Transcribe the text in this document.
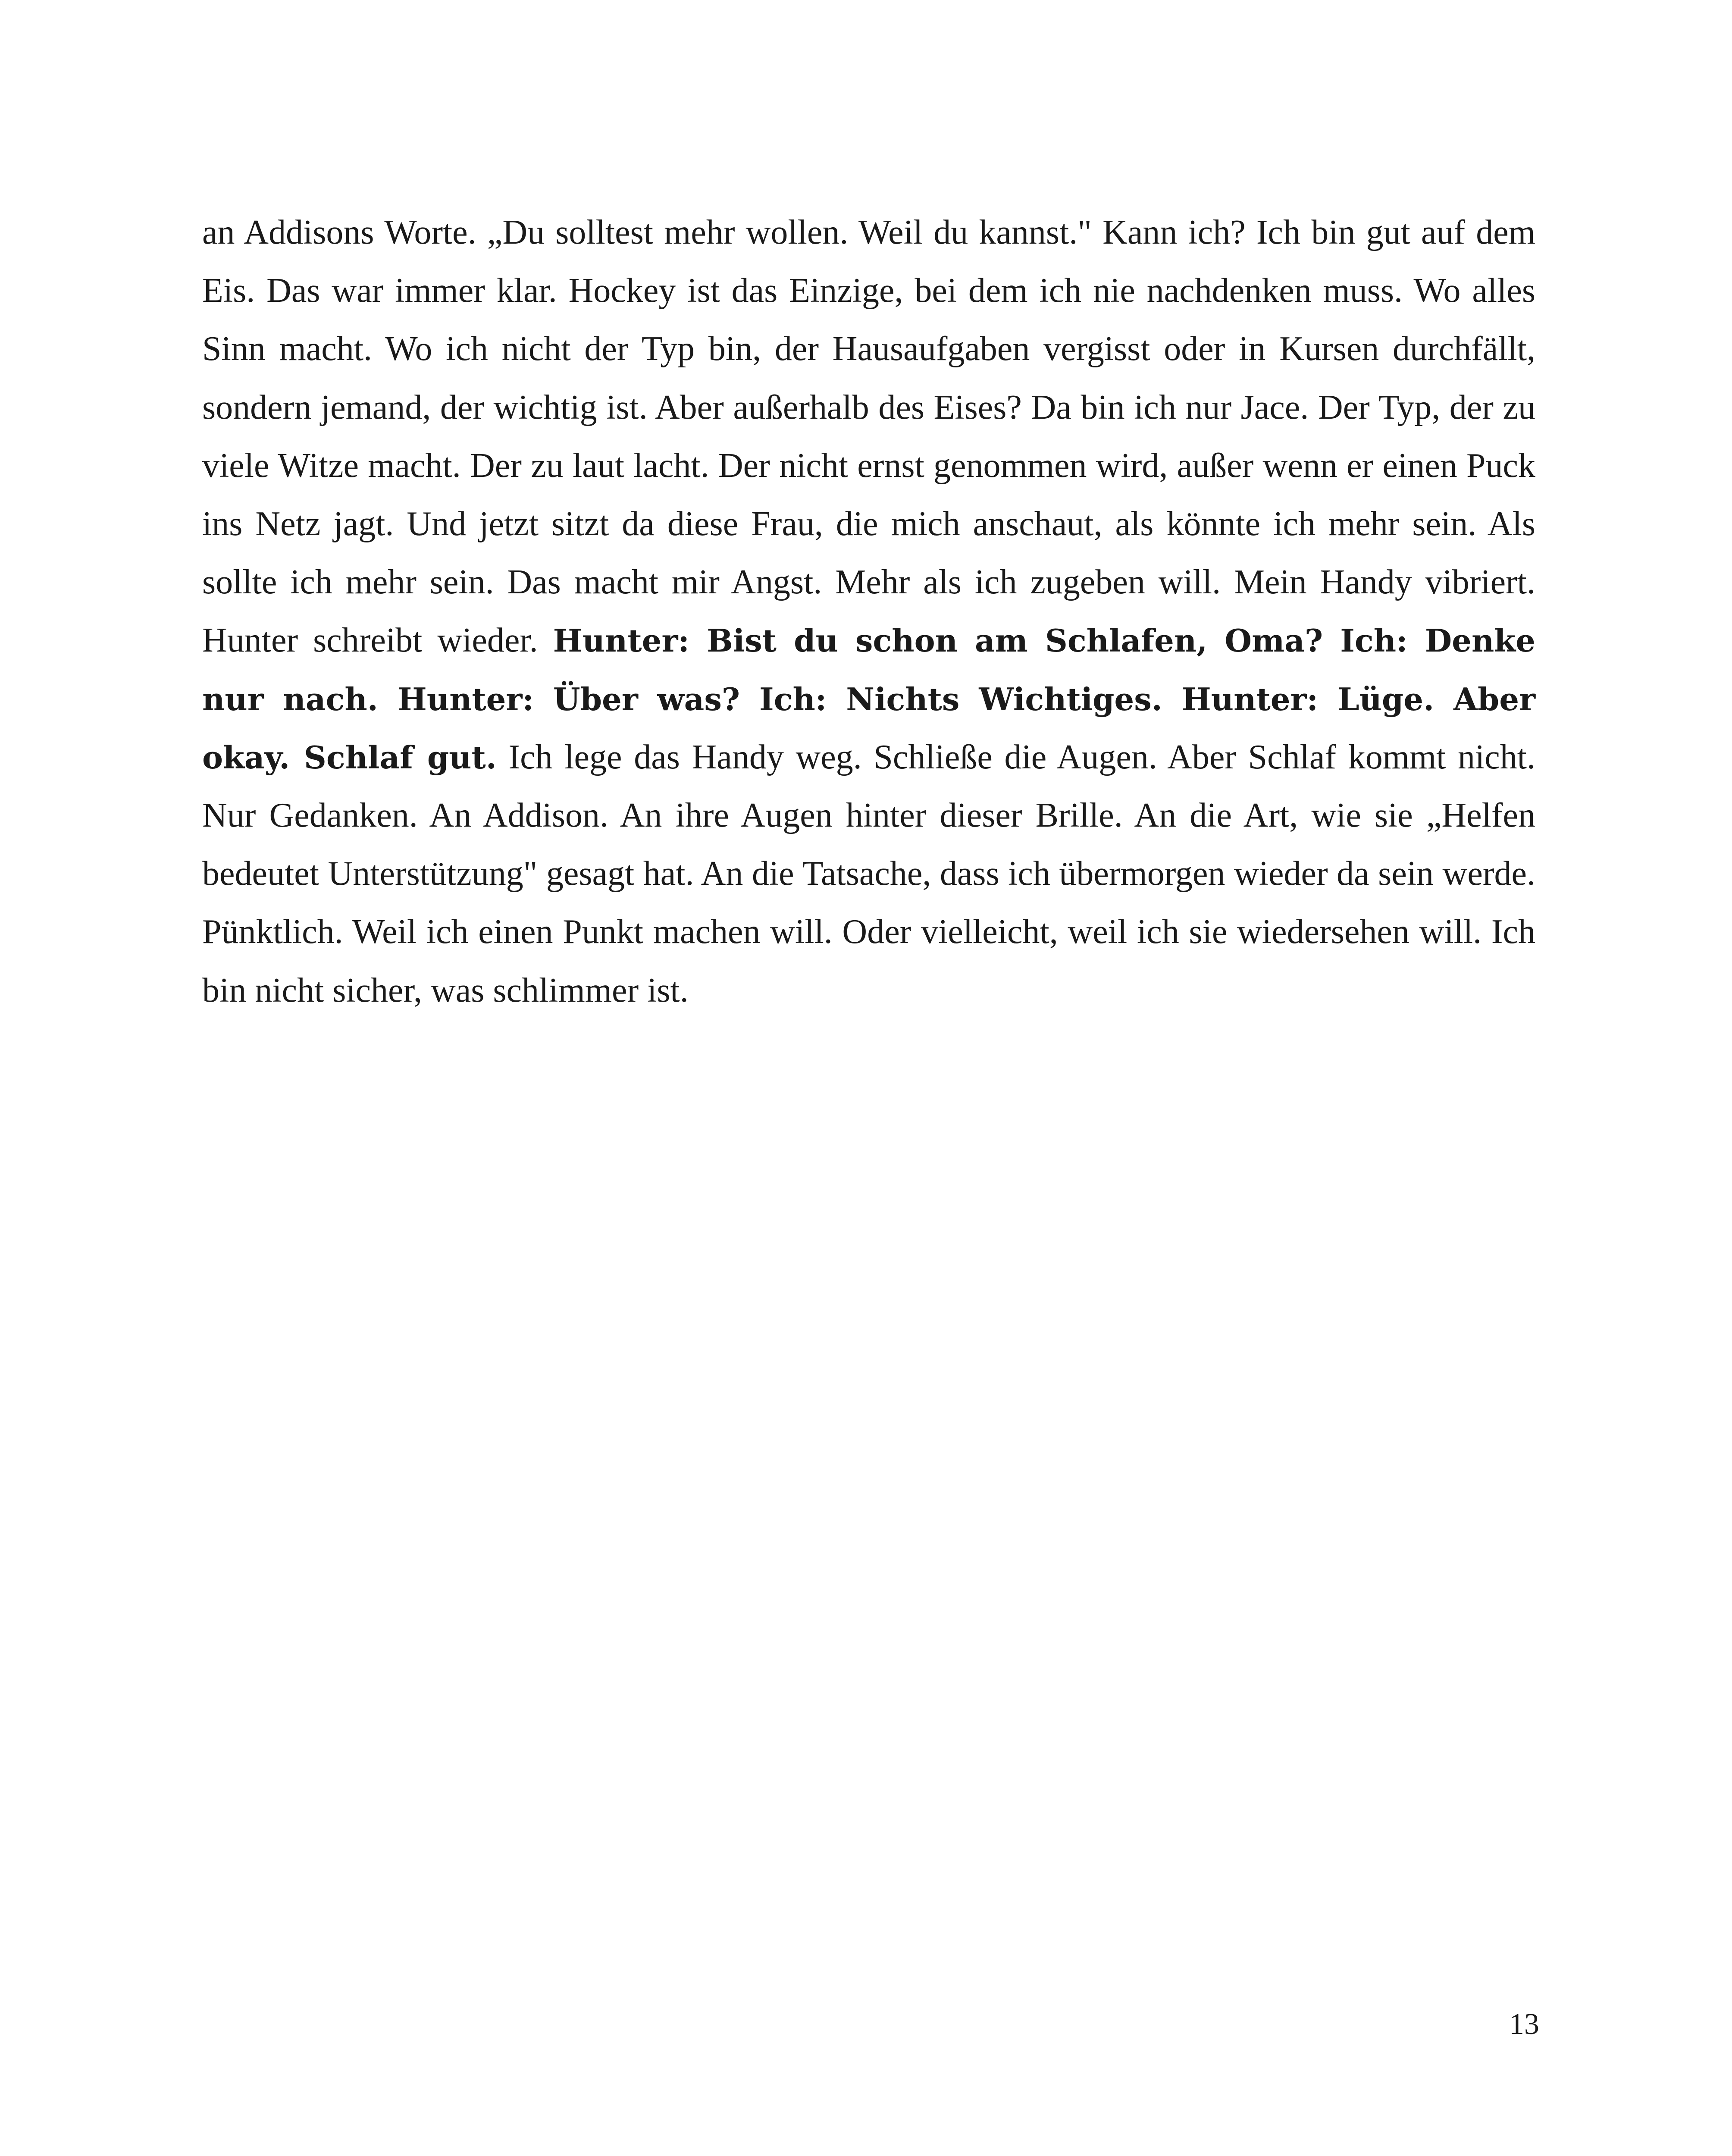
an Addisons Worte. „Du solltest mehr wollen. Weil du kannst." Kann ich? Ich bin gut auf dem Eis. Das war immer klar. Hockey ist das Einzige, bei dem ich nie nachdenken muss. Wo alles Sinn macht. Wo ich nicht der Typ bin, der Hausaufgaben vergisst oder in Kursen durchfällt, sondern jemand, der wichtig ist. Aber außerhalb des Eises? Da bin ich nur Jace. Der Typ, der zu viele Witze macht. Der zu laut lacht. Der nicht ernst genommen wird, außer wenn er einen Puck ins Netz jagt. Und jetzt sitzt da diese Frau, die mich anschaut, als könnte ich mehr sein. Als sollte ich mehr sein. Das macht mir Angst. Mehr als ich zugeben will. Mein Handy vibriert. Hunter schreibt wieder. Hunter: Bist du schon am Schlafen, Oma? Ich: Denke nur nach. Hunter: Über was? Ich: Nichts Wichtiges. Hunter: Lüge. Aber okay. Schlaf gut. Ich lege das Handy weg. Schließe die Augen. Aber Schlaf kommt nicht. Nur Gedanken. An Addison. An ihre Augen hinter dieser Brille. An die Art, wie sie „Helfen bedeutet Unterstützung" gesagt hat. An die Tatsache, dass ich übermorgen wieder da sein werde. Pünktlich. Weil ich einen Punkt machen will. Oder vielleicht, weil ich sie wiedersehen will. Ich bin nicht sicher, was schlimmer ist.

13
